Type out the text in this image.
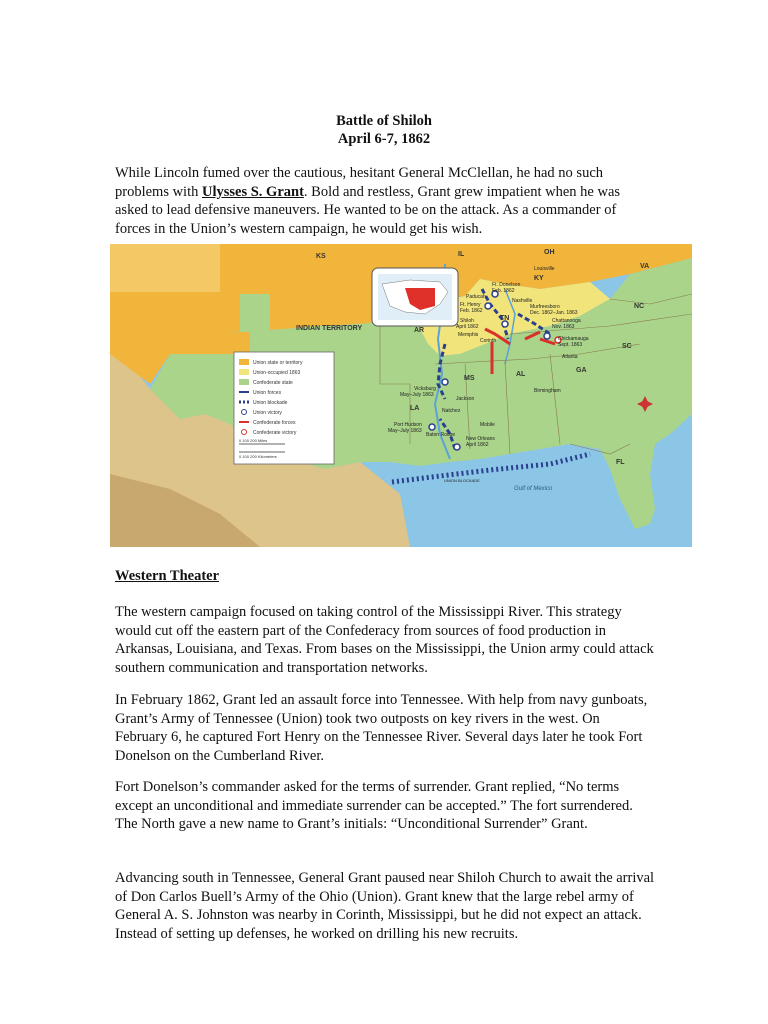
Battle of Shiloh
April 6-7, 1862

While Lincoln fumed over the cautious, hesitant General McClellan, he had no such problems with Ulysses S. Grant. Bold and restless, Grant grew impatient when he was asked to lead defensive maneuvers. He wanted to be on the attack. As a commander of forces in the Union’s western campaign, he would get his wish.

Union state or territory
Union-occupied 1863
Confederate state
Union forces
Union blockade
Union victory
Confederate forces
Confederate victory
0 100 200 Miles
0 100 200 Kilometers
KS	IL	OH
KY
VA
NC
SC
GA
AL
MS
LA
AR
TN
FL
INDIAN TERRITORY
Louisville
Ft. Donelson
Feb. 1862
Paducah
Ft. Henry
Feb. 1862
Nashville
Murfreesboro
Dec. 1862–Jan. 1863
Chattanooga
Nov. 1863
Chickamauga
Sept. 1863
Shiloh
April 1862
Memphis
Corinth
Atlanta
Birmingham
Vicksburg
May–July 1863
Jackson
Natchez
Port Hudson
May–July 1863
Baton Rouge
Mobile
New Orleans
April 1862
UNION BLOCKADE
Gulf of Mexico
Western Theater

The western campaign focused on taking control of the Mississippi River. This strategy would cut off the eastern part of the Confederacy from sources of food production in Arkansas, Louisiana, and Texas. From bases on the Mississippi, the Union army could attack southern communication and transportation networks.

In February 1862, Grant led an assault force into Tennessee. With help from navy gunboats, Grant’s Army of Tennessee (Union) took two outposts on key rivers in the west. On February 6, he captured Fort Henry on the Tennessee River. Several days later he took Fort Donelson on the Cumberland River.

Fort Donelson’s commander asked for the terms of surrender. Grant replied, “No terms except an unconditional and immediate surrender can be accepted.” The fort surrendered. The North gave a new name to Grant’s initials: “Unconditional Surrender” Grant.

Advancing south in Tennessee, General Grant paused near Shiloh Church to await the arrival of Don Carlos Buell’s Army of the Ohio (Union). Grant knew that the large rebel army of General A. S. Johnston was nearby in Corinth, Mississippi, but he did not expect an attack. Instead of setting up defenses, he worked on drilling his new recruits.
